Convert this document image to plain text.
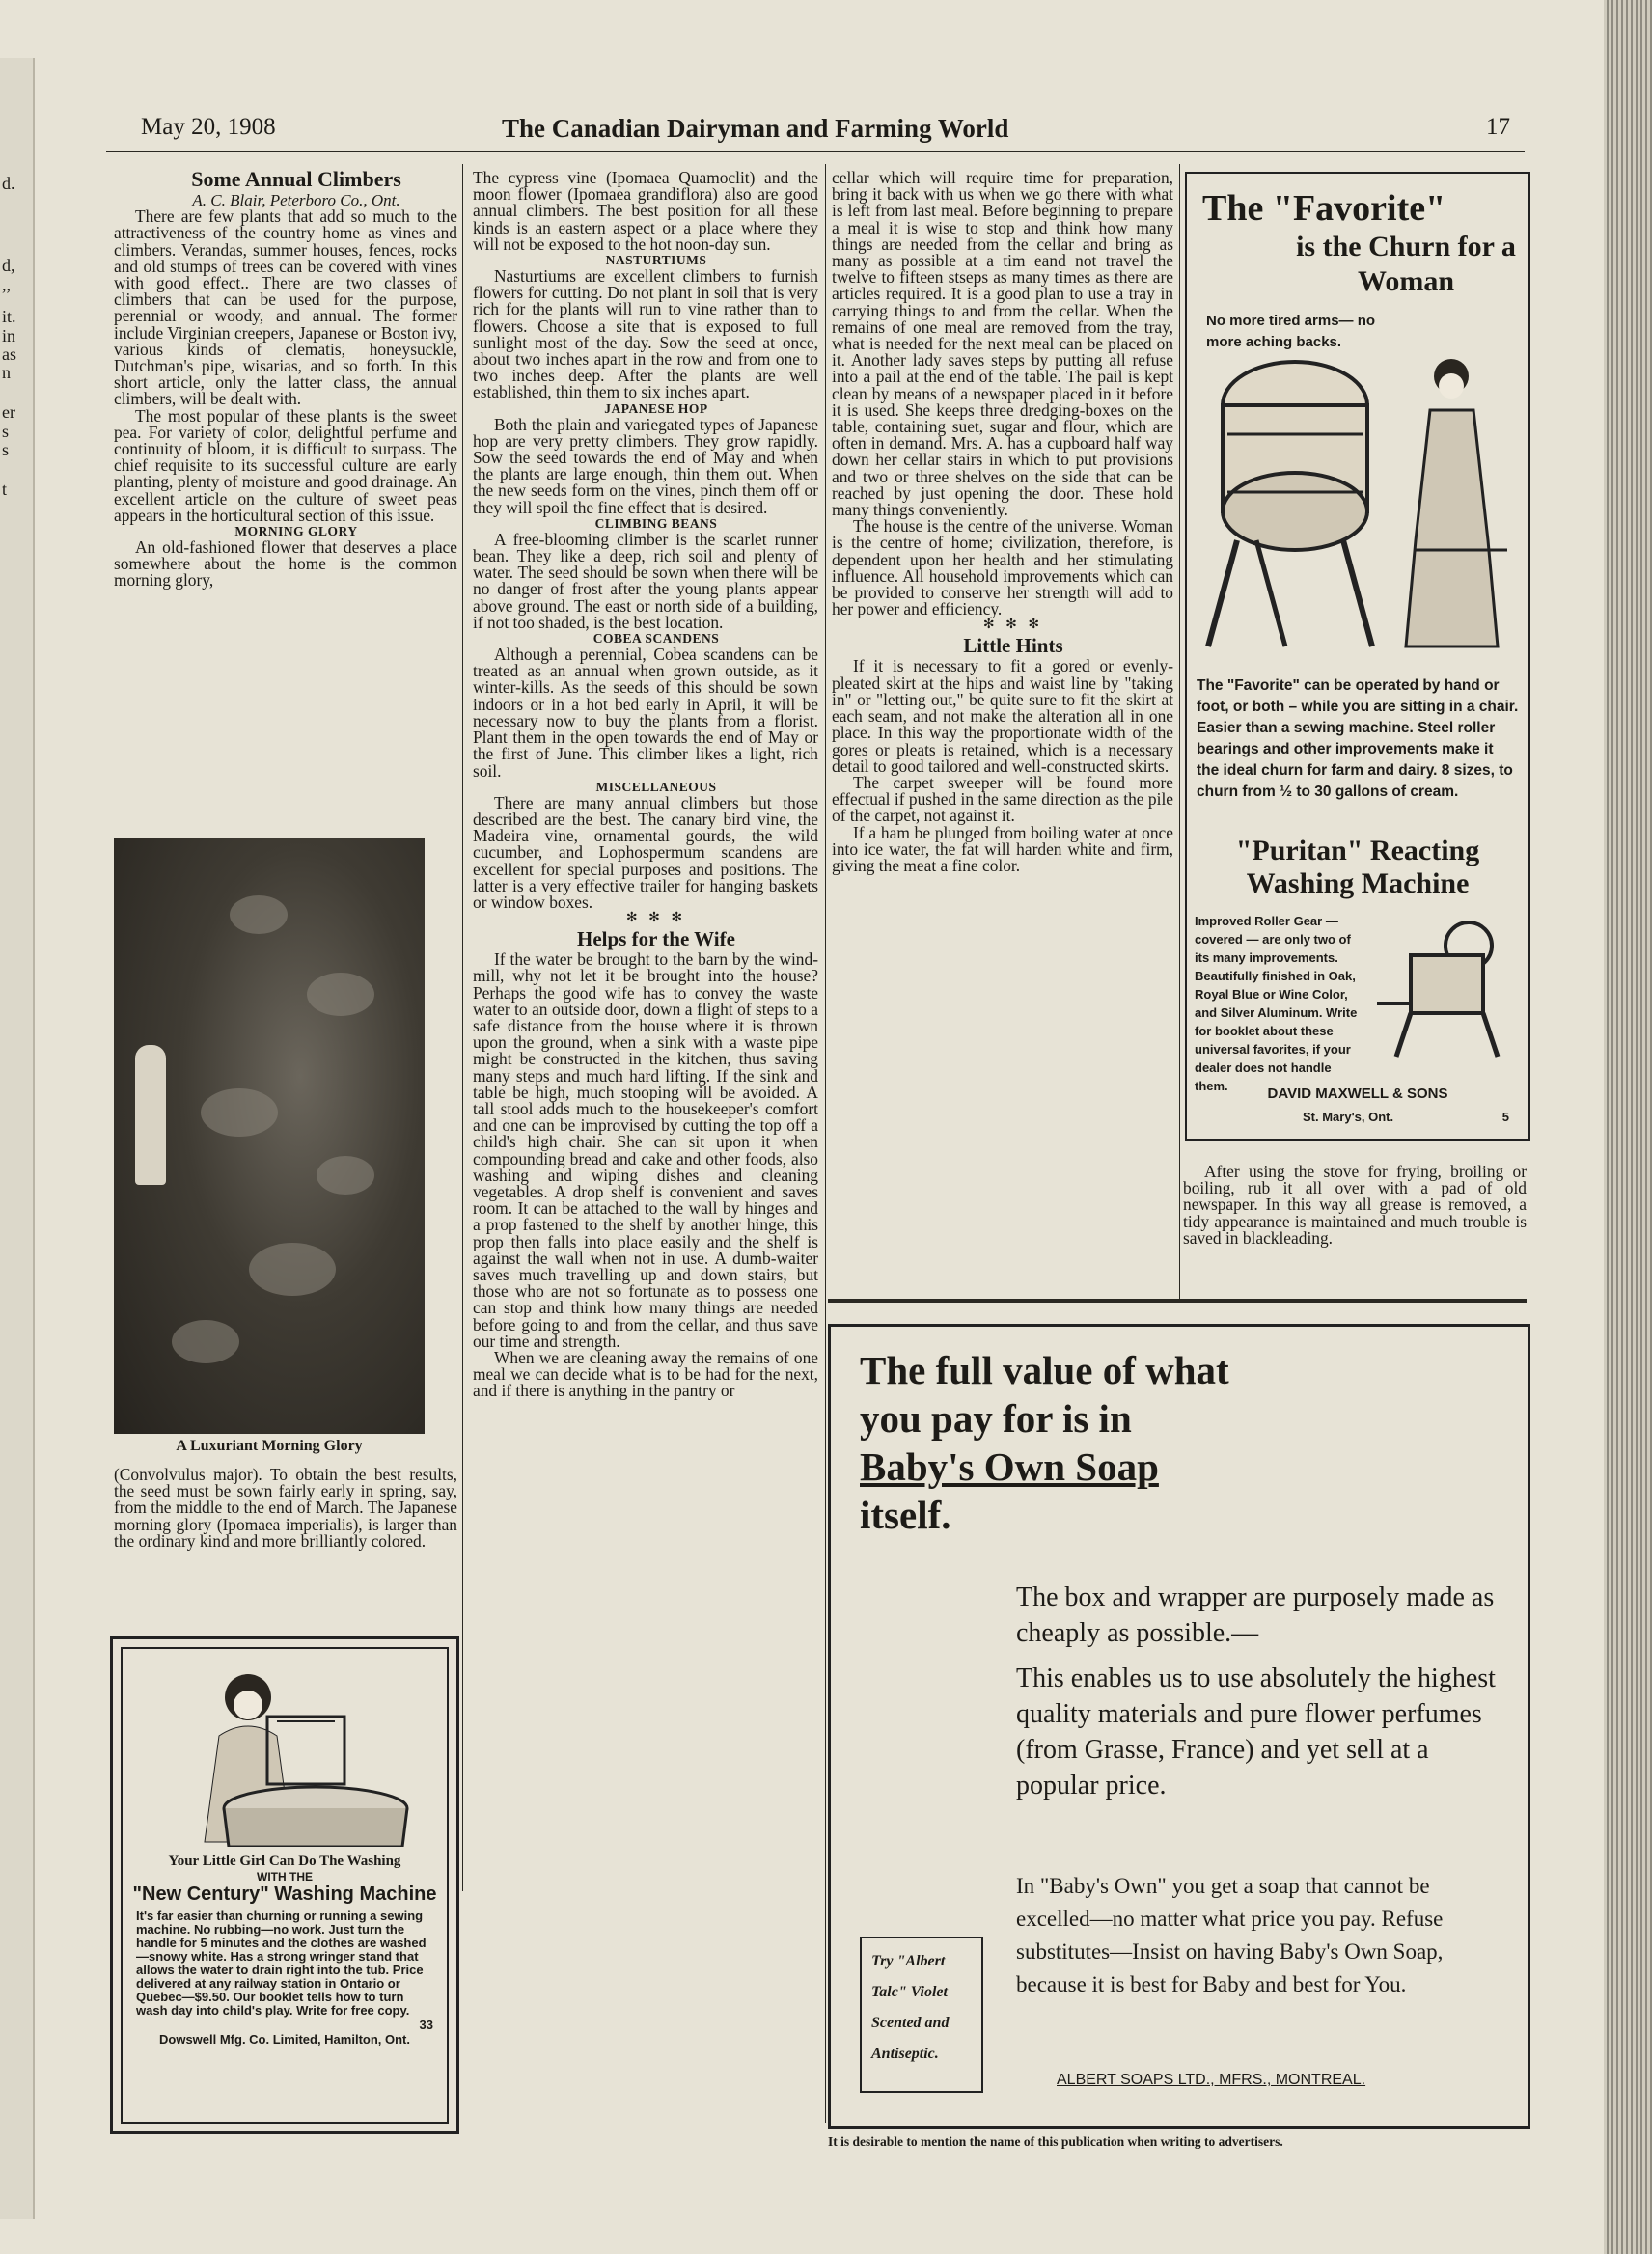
d.
d,
,,
it.
in
as
n
er
s
s
t
May 20, 1908	The Canadian Dairyman and Farming World	17

Some Annual Climbers

A. C. Blair, Peterboro Co., Ont.

There are few plants that add so much to the attractiveness of the country home as vines and climbers. Verandas, summer houses, fences, rocks and old stumps of trees can be covered with vines with good effect.. There are two classes of climbers that can be used for the purpose, perennial or woody, and annual. The former include Virginian creepers, Japanese or Boston ivy, various kinds of clematis, honeysuckle, Dutchman's pipe, wisarias, and so forth. In this short article, only the latter class, the annual climbers, will be dealt with.

The most popular of these plants is the sweet pea. For variety of color, delightful perfume and continuity of bloom, it is difficult to surpass. The chief requisite to its successful culture are early planting, plenty of moisture and good drainage. An excellent article on the culture of sweet peas appears in the horticultural section of this issue.

MORNING GLORY

An old-fashioned flower that deserves a place somewhere about the home is the common morning glory,

A Luxuriant Morning Glory

(Convolvulus major). To obtain the best results, the seed must be sown fairly early in spring, say, from the middle to the end of March. The Japanese morning glory (Ipomaea imperialis), is larger than the ordinary kind and more brilliantly colored.

Your Little Girl Can Do The Washing
WITH THE
"New Century" Washing Machine
It's far easier than churning or running a sewing machine. No rubbing—no work. Just turn the handle for 5 minutes and the clothes are washed—snowy white. Has a strong wringer stand that allows the water to drain right into the tub. Price delivered at any railway station in Ontario or Quebec—$9.50. Our booklet tells how to turn wash day into child's play. Write for free copy.
33
Dowswell Mfg. Co. Limited, Hamilton, Ont.

The cypress vine (Ipomaea Quamoclit) and the moon flower (Ipomaea grandiflora) also are good annual climbers. The best position for all these kinds is an eastern aspect or a place where they will not be exposed to the hot noon-day sun.

NASTURTIUMS

Nasturtiums are excellent climbers to furnish flowers for cutting. Do not plant in soil that is very rich for the plants will run to vine rather than to flowers. Choose a site that is exposed to full sunlight most of the day. Sow the seed at once, about two inches apart in the row and from one to two inches deep. After the plants are well established, thin them to six inches apart.

JAPANESE HOP

Both the plain and variegated types of Japanese hop are very pretty climbers. They grow rapidly. Sow the seed towards the end of May and when the plants are large enough, thin them out. When the new seeds form on the vines, pinch them off or they will spoil the fine effect that is desired.

CLIMBING BEANS

A free-blooming climber is the scarlet runner bean. They like a deep, rich soil and plenty of water. The seed should be sown when there will be no danger of frost after the young plants appear above ground. The east or north side of a building, if not too shaded, is the best location.

COBEA SCANDENS

Although a perennial, Cobea scandens can be treated as an annual when grown outside, as it winter-kills. As the seeds of this should be sown indoors or in a hot bed early in April, it will be necessary now to buy the plants from a florist. Plant them in the open towards the end of May or the first of June. This climber likes a light, rich soil.

MISCELLANEOUS

There are many annual climbers but those described are the best. The canary bird vine, the Madeira vine, ornamental gourds, the wild cucumber, and Lophospermum scandens are excellent for special purposes and positions. The latter is a very effective trailer for hanging baskets or window boxes.

✻ ✻ ✻

Helps for the Wife

If the water be brought to the barn by the wind-mill, why not let it be brought into the house? Perhaps the good wife has to convey the waste water to an outside door, down a flight of steps to a safe distance from the house where it is thrown upon the ground, when a sink with a waste pipe might be constructed in the kitchen, thus saving many steps and much hard lifting. If the sink and table be high, much stooping will be avoided. A tall stool adds much to the housekeeper's comfort and one can be improvised by cutting the top off a child's high chair. She can sit upon it when compounding bread and cake and other foods, also washing and wiping dishes and cleaning vegetables. A drop shelf is convenient and saves room. It can be attached to the wall by hinges and a prop fastened to the shelf by another hinge, this prop then falls into place easily and the shelf is against the wall when not in use. A dumb-waiter saves much travelling up and down stairs, but those who are not so fortunate as to possess one can stop and think how many things are needed before going to and from the cellar, and thus save our time and strength.

When we are cleaning away the remains of one meal we can decide what is to be had for the next, and if there is anything in the pantry or

cellar which will require time for preparation, bring it back with us when we go there with what is left from last meal. Before beginning to prepare a meal it is wise to stop and think how many things are needed from the cellar and bring as many as possible at a tim eand not travel the twelve to fifteen stseps as many times as there are articles required. It is a good plan to use a tray in carrying things to and from the cellar. When the remains of one meal are removed from the tray, what is needed for the next meal can be placed on it. Another lady saves steps by putting all refuse into a pail at the end of the table. The pail is kept clean by means of a newspaper placed in it before it is used. She keeps three dredging-boxes on the table, containing suet, sugar and flour, which are often in demand. Mrs. A. has a cupboard half way down her cellar stairs in which to put provisions and two or three shelves on the side that can be reached by just opening the door. These hold many things conveniently.

The house is the centre of the universe. Woman is the centre of home; civilization, therefore, is dependent upon her health and her stimulating influence. All household improvements which can be provided to conserve her strength will add to her power and efficiency.

✻ ✻ ✻

Little Hints

If it is necessary to fit a gored or evenly-pleated skirt at the hips and waist line by "taking in" or "letting out," be quite sure to fit the skirt at each seam, and not make the alteration all in one place. In this way the proportionate width of the gores or pleats is retained, which is a necessary detail to good tailored and well-constructed skirts.

The carpet sweeper will be found more effectual if pushed in the same direction as the pile of the carpet, not against it.

If a ham be plunged from boiling water at once into ice water, the fat will harden white and firm, giving the meat a fine color.

The "Favorite"
is the Churn for a Woman
No more tired arms— no more aching backs.
The "Favorite" can be operated by hand or foot, or both – while you are sitting in a chair. Easier than a sewing machine. Steel roller bearings and other improvements make it the ideal churn for farm and dairy. 8 sizes, to churn from ½ to 30 gallons of cream.
"Puritan" Reacting Washing Machine
Improved Roller Gear — covered — are only two of its many improvements. Beautifully finished in Oak, Royal Blue or Wine Color, and Silver Aluminum. Write for booklet about these universal favorites, if your dealer does not handle them.	DAVID MAXWELL & SONS
St. Mary's, Ont.	5

After using the stove for frying, broiling or boiling, rub it all over with a pad of old newspaper. In this way all grease is removed, a tidy appearance is maintained and much trouble is saved in blackleading.

The full value of what
you pay for is in
Baby's Own Soap
itself.

The box and wrapper are purposely made as cheaply as possible.—

This enables us to use absolutely the highest quality materials and pure flower perfumes (from Grasse, France) and yet sell at a popular price.

In "Baby's Own" you get a soap that cannot be excelled—no matter what price you pay. Refuse substitutes—Insist on having Baby's Own Soap, because it is best for Baby and best for You.

Try "Albert Talc" Violet Scented and Antiseptic.
ALBERT SOAPS LTD., MFRS., MONTREAL.
It is desirable to mention the name of this publication when writing to advertisers.
